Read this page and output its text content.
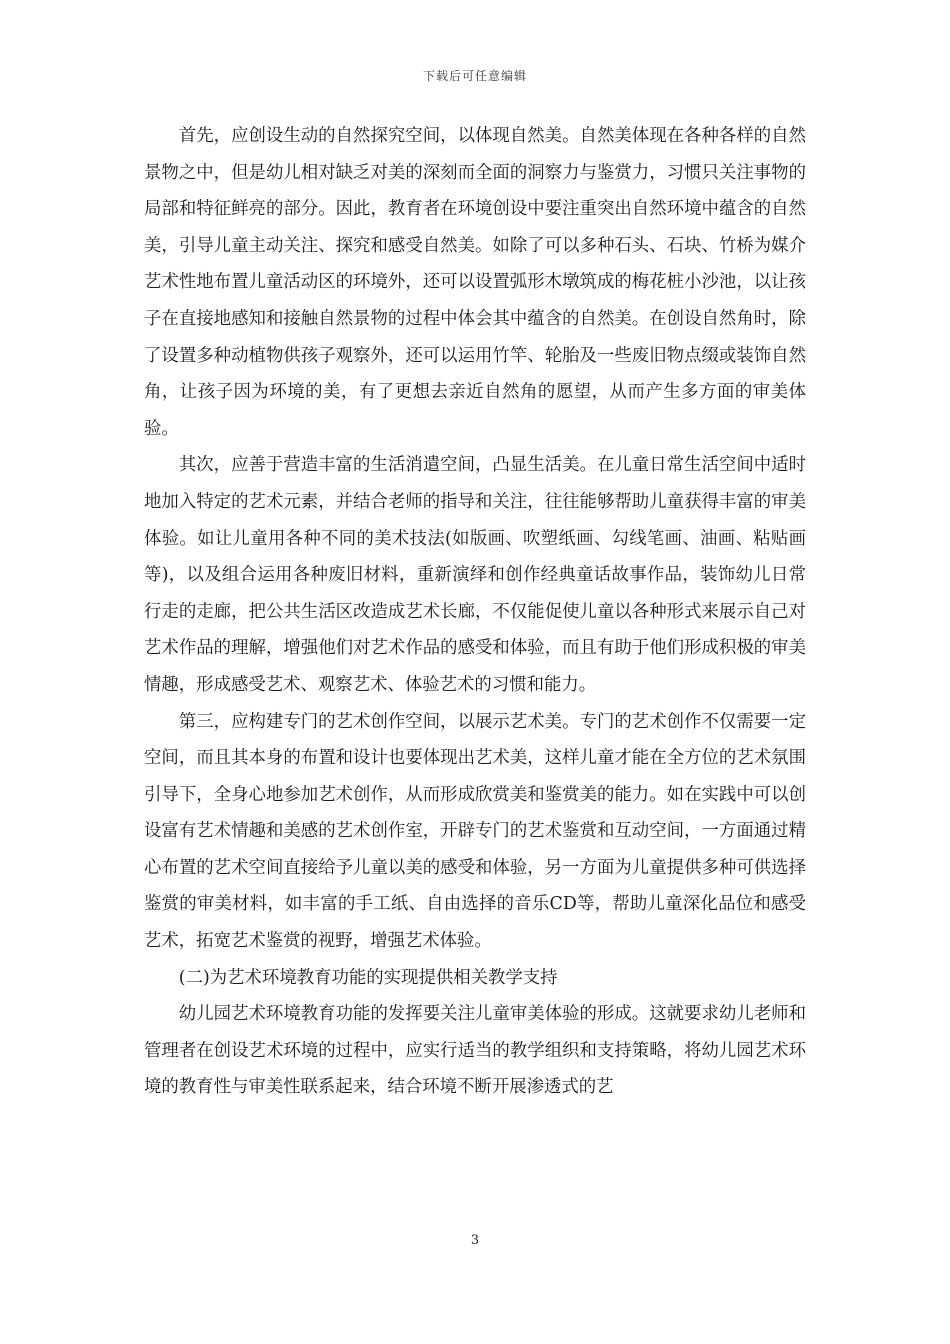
下载后可任意编辑

首先，应创设生动的自然探究空间，以体现自然美。自然美体现在各种各样的自然景物之中，但是幼儿相对缺乏对美的深刻而全面的洞察力与鉴赏力，习惯只关注事物的局部和特征鲜亮的部分。因此，教育者在环境创设中要注重突出自然环境中蕴含的自然美，引导儿童主动关注、探究和感受自然美。如除了可以多种石头、石块、竹桥为媒介艺术性地布置儿童活动区的环境外，还可以设置弧形木墩筑成的梅花桩小沙池，以让孩子在直接地感知和接触自然景物的过程中体会其中蕴含的自然美。在创设自然角时，除了设置多种动植物供孩子观察外，还可以运用竹竿、轮胎及一些废旧物点缀或装饰自然角，让孩子因为环境的美，有了更想去亲近自然角的愿望，从而产生多方面的审美体验。

其次，应善于营造丰富的生活消遣空间，凸显生活美。在儿童日常生活空间中适时地加入特定的艺术元素，并结合老师的指导和关注，往往能够帮助儿童获得丰富的审美体验。如让儿童用各种不同的美术技法(如版画、吹塑纸画、勾线笔画、油画、粘贴画等)，以及组合运用各种废旧材料，重新演绎和创作经典童话故事作品，装饰幼儿日常行走的走廊，把公共生活区改造成艺术长廊，不仅能促使儿童以各种形式来展示自己对艺术作品的理解，增强他们对艺术作品的感受和体验，而且有助于他们形成积极的审美情趣，形成感受艺术、观察艺术、体验艺术的习惯和能力。

第三，应构建专门的艺术创作空间，以展示艺术美。专门的艺术创作不仅需要一定空间，而且其本身的布置和设计也要体现出艺术美，这样儿童才能在全方位的艺术氛围引导下，全身心地参加艺术创作，从而形成欣赏美和鉴赏美的能力。如在实践中可以创设富有艺术情趣和美感的艺术创作室，开辟专门的艺术鉴赏和互动空间，一方面通过精心布置的艺术空间直接给予儿童以美的感受和体验，另一方面为儿童提供多种可供选择鉴赏的审美材料，如丰富的手工纸、自由选择的音乐CD等，帮助儿童深化品位和感受艺术，拓宽艺术鉴赏的视野，增强艺术体验。

(二)为艺术环境教育功能的实现提供相关教学支持

幼儿园艺术环境教育功能的发挥要关注儿童审美体验的形成。这就要求幼儿老师和管理者在创设艺术环境的过程中，应实行适当的教学组织和支持策略，将幼儿园艺术环境的教育性与审美性联系起来，结合环境不断开展渗透式的艺

3
